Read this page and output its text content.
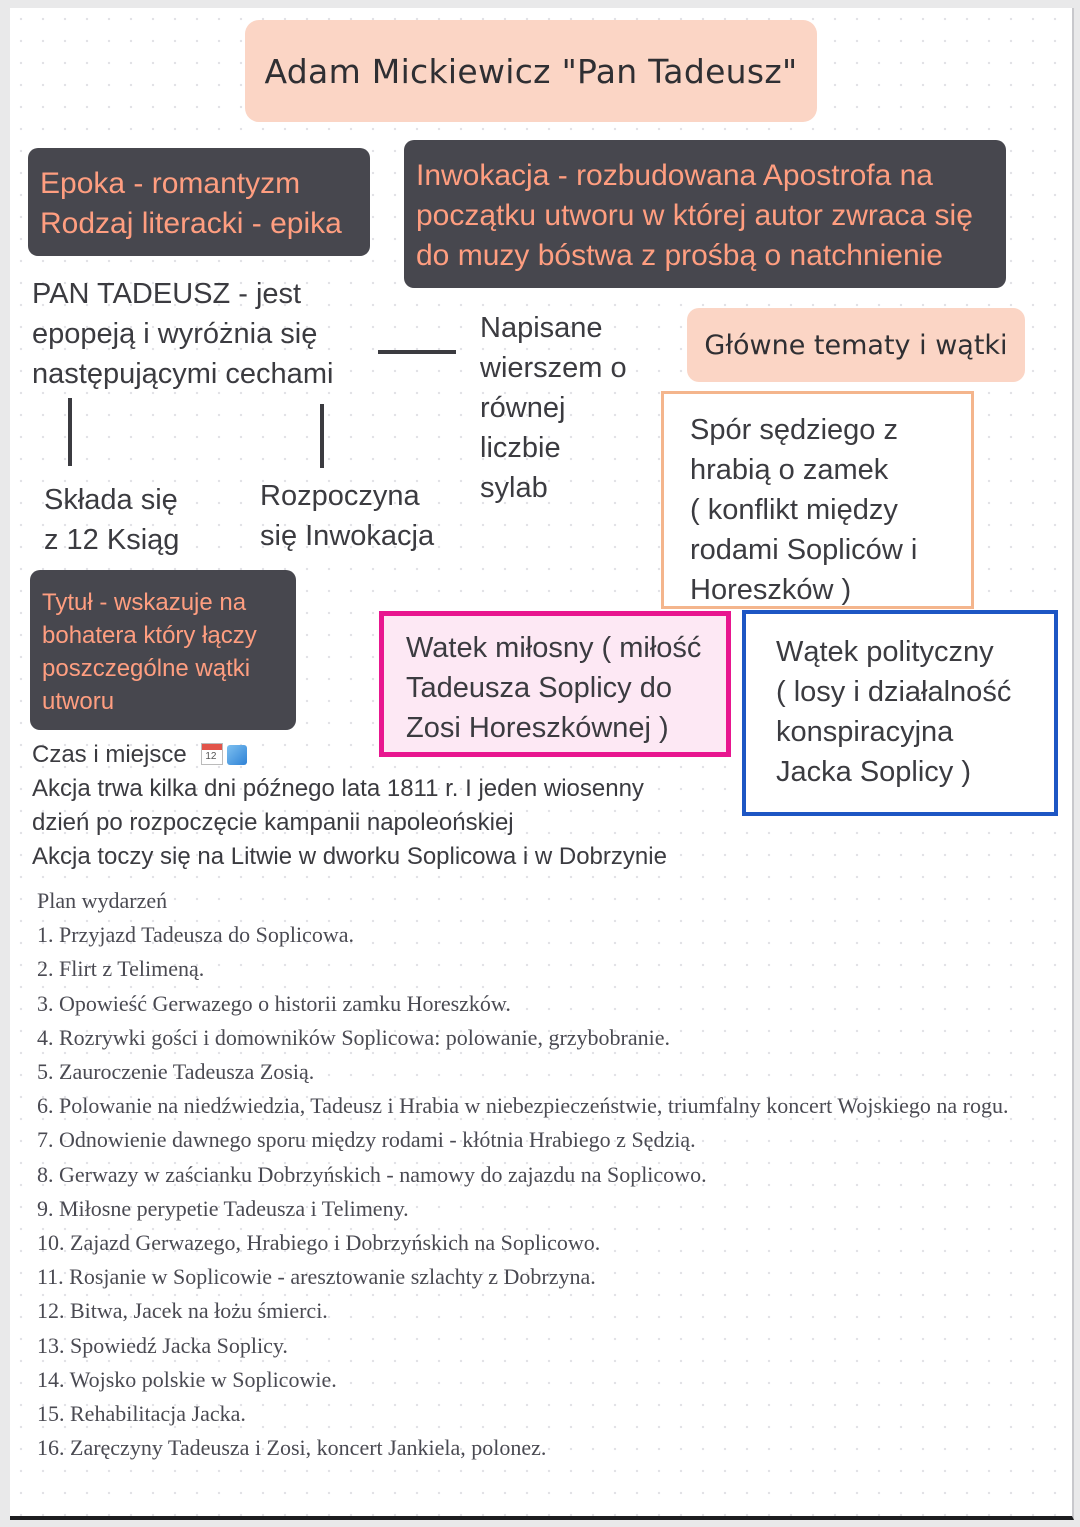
Adam Mickiewicz "Pan Tadeusz"
Epoka - romantyzm
Rodzaj literacki - epika
Inwokacja - rozbudowana Apostrofa na
początku utworu w której autor zwraca się
do muzy bóstwa z prośbą o natchnienie
PAN TADEUSZ - jest
epopeją i wyróżnia się
następującymi cechami
Napisane
wierszem o
równej
liczbie
sylab
Składa się
z 12 Ksiąg
Rozpoczyna
się Inwokacja
Główne tematy i wątki
Spór sędziego z
hrabią o zamek
( konflikt między
rodami Sopliców i
Horeszków )
Tytuł - wskazuje na
bohatera który łączy
poszczególne wątki
utworu
Watek miłosny ( miłość
Tadeusza Soplicy do
Zosi Horeszkównej )
Wątek polityczny
( losy i działalność
konspiracyjna
Jacka Soplicy )

Czas i miejsce 12

Akcja trwa kilka dni późnego lata 1811 r. I jeden wiosenny

dzień po rozpoczęcie kampanii napoleońskiej

Akcja toczy się na Litwie w dworku Soplicowa i w Dobrzynie

Plan wydarzeń
1. Przyjazd Tadeusza do Soplicowa.
2. Flirt z Telimeną.
3. Opowieść Gerwazego o historii zamku Horeszków.
4. Rozrywki gości i domowników Soplicowa: polowanie, grzybobranie.
5. Zauroczenie Tadeusza Zosią.
6. Polowanie na niedźwiedzia, Tadeusz i Hrabia w niebezpieczeństwie, triumfalny koncert Wojskiego na rogu.
7. Odnowienie dawnego sporu między rodami - kłótnia Hrabiego z Sędzią.
8. Gerwazy w zaścianku Dobrzyńskich - namowy do zajazdu na Soplicowo.
9. Miłosne perypetie Tadeusza i Telimeny.
10. Zajazd Gerwazego, Hrabiego i Dobrzyńskich na Soplicowo.
11. Rosjanie w Soplicowie - aresztowanie szlachty z Dobrzyna.
12. Bitwa, Jacek na łożu śmierci.
13. Spowiedź Jacka Soplicy.
14. Wojsko polskie w Soplicowie.
15. Rehabilitacja Jacka.
16. Zaręczyny Tadeusza i Zosi, koncert Jankiela, polonez.
